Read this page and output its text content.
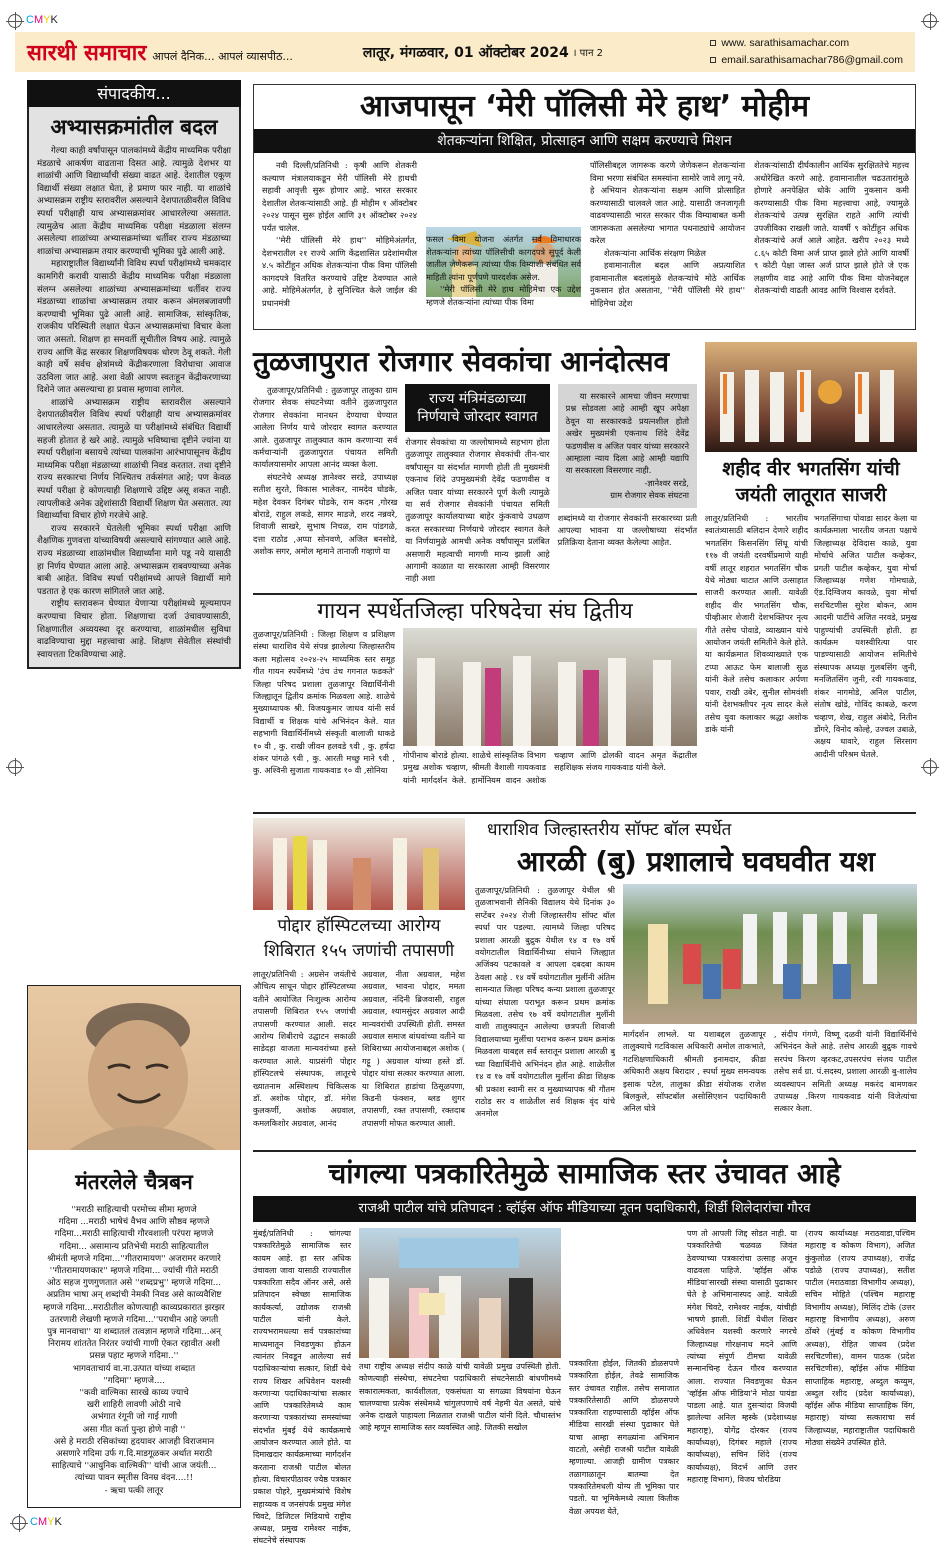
CMYK
CMYK
सारथी समाचार आपलं दैनिक... आपलं व्यासपीठ...	लातूर, मंगळवार, 01 ऑक्टोबर 2024 । पान 2
www. sarathisamachar.com
email.sarathisamachar786@gmail.com
संपादकीय...
अभ्यासक्रमांतील बदल

गेल्या काही वर्षांपासून पालकांमध्ये केंद्रीय माध्यमिक परीक्षा मंडळाचे आकर्षण वाढताना दिसत आहे. त्यामुळे देशभर या शाळांची आणि विद्यार्थ्यांची संख्या वाढत आहे. देशातील एकूण विद्यार्थी संख्या लक्षात घेता, हे प्रमाण फार नाही. या शाळांचे अभ्यासक्रम राष्ट्रीय स्तरावरील असल्याने देशपातळीवरील विविध स्पर्धा परीक्षाही याच अभ्यासक्रमांवर आधारलेल्या असतात. त्यामुळेच आता केंद्रीय माध्यमिक परीक्षा मंडळाला संलग्न असलेल्या शाळांच्या अभ्यासक्रमांच्या धर्तीवर राज्य मंडळाच्या शाळांचा अभ्यासक्रम तयार करण्याची भूमिका पुढे आली आहे.

महाराष्ट्रातील विद्यार्थ्यांनी विविध स्पर्धा परीक्षांमध्ये चमकदार कामगिरी करावी यासाठी केंद्रीय माध्यमिक परीक्षा मंडळाला संलग्न असलेल्या शाळांच्या अभ्यासक्रमांच्या धर्तीवर राज्य मंडळाच्या शाळांचा अभ्यासक्रम तयार करून अंमलबजावणी करण्याची भूमिका पुढे आली आहे. सामाजिक, सांस्कृतिक, राजकीय परिस्थिती लक्षात घेऊन अभ्यासक्रमांचा विचार केला जात असतो. शिक्षण हा समवर्ती सूचीतील विषय आहे. त्यामुळे राज्य आणि केंद्र सरकार शिक्षणविषयक धोरण ठेवू शकते. गेली काही वर्षे सर्वच क्षेत्रांमध्ये केंद्रीकरणाला विरोधाचा आवाज उठविला जात आहे. अशा वेळी आपण स्वतःहून केंद्रीकरणाच्या दिशेने जात असल्याचा हा प्रवास म्हणावा लागेल.

शाळांचे अभ्यासक्रम राष्ट्रीय स्तरावरील असल्याने देशपातळीवरील विविध स्पर्धा परीक्षाही याच अभ्यासक्रमांवर आधारलेल्या असतात. त्यामुळे या परीक्षांमध्ये संबंधित विद्यार्थी सहजी होतात हे खरे आहे. त्यामुळे भविष्याचा दृष्टीने ज्यांना या स्पर्धा परीक्षांना बसायचे त्यांच्या पालकांना आरंभापासूनच केंद्रीय माध्यमिक परीक्षा मंडळाच्या शाळांची निवड करतात. तथा दृष्टीने राज्य सरकारचा निर्णय निश्चितच तर्कसंगत आहे; पण केवळ स्पर्धा परीक्षा हे कोणत्याही शिक्षणाचे उद्दिष्ट असू शकत नाही. त्यापलीकडे अनेक उद्देशांसाठी विद्यार्थी शिक्षण घेत असतात. त्या विद्यार्थ्यांचा विचार होणे गरजेचे आहे.

राज्य सरकारने घेतलेली भूमिका स्पर्धा परीक्षा आणि शैक्षणिक गुणवत्ता यांच्याविषयी असल्याचे सांगण्यात आले आहे. राज्य मंडळाच्या शाळांमधील विद्यार्थ्यांना मागे पडू नये यासाठी हा निर्णय घेण्यात आला आहे. अभ्यासक्रम राबवण्याच्या अनेक बाबी आहेत. विविध स्पर्धा परीक्षांमध्ये आपले विद्यार्थी मागे पडतात हे एक कारण सांगितले जात आहे.

राष्ट्रीय स्तरावरून घेण्यात येणाऱ्या परीक्षांमध्ये मूल्यमापन करण्याचा विचार होता. शिक्षणाचा दर्जा उंचावण्यासाठी, शिक्षणातील अव्ययस्था दूर करण्याचा, शाळांमधील सुविधा वाढविण्याचा मुद्दा महत्त्वाचा आहे. शिक्षण सेवेतील संस्थांची स्वायत्तता टिकविण्याचा आहे.

मंतरलेले चैत्रबन
''मराठी साहित्याची परमोच्च सीमा म्हणजे
गदिमा ...मराठी भाषेचं वैभव आणि सौष्ठव म्हणजे
गदिमा...मराठी साहित्याची गौरवशाली परंपरा म्हणजे
गदिमा... असामान्य प्रतिभेची मराठी साहित्यातील
श्रीमंती म्हणजे गदिमा...''गीतरामायण'' अजरामर करणारे
''गीतरामायणकार'' म्हणजे गदिमा... ज्यांची गीते मराठी
ओठ सहज गुणगुणतात असे ''शब्दप्रभु'' म्हणजे गदिमा...
अप्रतिम भाषा अन् शब्दांची नेमकी निवड असे काव्यवैशिष्ट
म्हणजे गदिमा...मराठीतील कोणत्याही काव्यप्रकारात झरझर
उतरणारी लेखणी म्हणजे गदिमा...''पराधीन आहे जगती
पुत्र मानवाचा'' या शब्दातलं तत्वज्ञान म्हणजे गदिमा...अन्
निरामय शांततेत निरंतर ज्यांची गाणी ऐकत रहावीत अशी
प्रसन्न पहाट म्हणजे गदिमा..''
भागवताचार्य वा.ना.उत्पात यांच्या शब्दात
''गदिमा'' म्हणजे....
''कवी वाल्मिका सारखे काव्य ज्याचे
खरी शाहिरी लावणी ओठी नाचे
अभंगात रंगूनी जो गाई गाणी
असा गीत कर्ता पुन्हा होणे नाही ''
असे हे मराठी रसिकांच्या हृदयावर आजही विराजमान
असणारे गदिमा उर्फ ग.दि.माडगूळकर अर्थात मराठी
साहित्याचे ''आधुनिक वाल्मिकी'' यांची आज जयंती...
त्यांच्या पावन स्मृतीस विनम्र वंदन....!!
- ऋचा पत्की लातूर
आजपासून ‘मेरी पॉलिसी मेरे हाथ’ मोहीम
शेतकऱ्यांना शिक्षित, प्रोत्साहन आणि सक्षम करण्याचे मिशन

नवी दिल्ली/प्रतिनिधी : कृषी आणि शेतकरी कल्याण मंत्रालयाकडून मेरी पॉलिसी मेरे हाथची सहावी आवृत्ती सुरू होणार आहे. भारत सरकार देशातील शेतकऱ्यांसाठी आहे. ही मोहीम १ ऑक्टोबर २०२४ पासून सुरू होईल आणि ३१ ऑक्टोबर २०२४ पर्यंत चालेल.

''मेरी पॉलिसी मेरे हाथ'' मोहिमेअंतर्गत, देशभरातील २१ राज्ये आणि केंद्रशासित प्रदेशांमधील ४.५ कोटींहून अधिक शेतकऱ्यांना पीक विमा पॉलिसी कागदपत्रे वितरित करण्याचे उद्दिष्ट ठेवण्यात आले आहे. मोहिमेअंतर्गत, हे सुनिश्चित केले जाईल की प्रधानमंत्री

फसल विमा योजना अंतर्गत सर्व विमाधारक शेतकऱ्यांना त्यांच्या पॉलिसीची कागदपत्रे सुपूर्द केली जातील जेणेकरून त्यांच्या पीक विम्याशी संबंधित सर्व माहिती त्यांना पूर्णपणे पारदर्शक असेल.

''मेरी पॉलिसी मेरे हाथ मोहिमेचा एक उद्देश म्हणजे शेतकऱ्यांना त्यांच्या पीक विमा

पॉलिसीबद्दल जागरूक करणे जेणेकरून शेतकऱ्यांना विमा भरणा संबंधित समस्यांना सामोरे जावे लागू नये. हे अभियान शेतकऱ्यांना सक्षम आणि प्रोत्साहित करण्यासाठी चालवले जात आहे. यासाठी जनजागृती वाढवण्यासाठी भारत सरकार पीक विम्याबाबत कमी जागरूकता असलेल्या भागात पथनाट्यांचे आयोजन करेल

शेतकऱ्यांना आर्थिक संरक्षण मिळेल

हवामानातील बदल आणि अप्रत्याशित हवामानातील बदलांमुळे शेतकऱ्यांचे मोठे आर्थिक नुकसान होत असताना, ''मेरी पॉलिसी मेरे हाथ'' मोहिमेचा उद्देश

शेतकऱ्यांसाठी दीर्घकालीन आर्थिक सुरक्षिततेचे महत्त्व अधोरेखित करणे आहे. हवामानातील चढउतारांमुळे होणारे अनपेक्षित धोके आणि नुकसान कमी करण्यासाठी पीक विमा महत्त्वाचा आहे, ज्यामुळे शेतकऱ्यांचे उत्पन्न सुरक्षित राहते आणि त्यांची उपजीविका राखली जाते. यावर्षी ९ कोटींहून अधिक शेतकऱ्यांचे अर्ज आले आहेत. खरीप २०२३ मध्ये ८.६५ कोटी विमा अर्ज प्राप्त झाले होते आणि यावर्षी ९ कोटी पेक्षा जास्त अर्ज प्राप्त झाले होते जे एक लक्षणीय वाढ आहे आणि पीक विमा योजनेबद्दल शेतकऱ्यांची वाढती आवड आणि विश्वास दर्शवते.

तुळजापुरात रोजगार सेवकांचा आनंदोत्सव

तुळजापूर/प्रतिनिधी : तुळजापूर तालुका ग्राम रोजगार सेवक संघटनेच्या वतीने तुळजापुरात रोजगार सेवकांना मानधन देण्याचा घेण्यात आलेला निर्णय याचे जोरदार स्वागत करण्यात आले. तुळजापूर तालुक्यात काम करणाऱ्या सर्व कर्मचाऱ्यांनी तुळजापुरात पंचायत समिती कार्यालयासमोर आपला आनंद व्यक्त केला.

संघटनेचे अध्यक्ष ज्ञानेश्वर सरडे, उपाध्यक्ष सतीश सुरते, विकास भालेकर, नामदेव घोडके, महेश देवकर दिगंबर घोडके, राम कदम ,गोरख बोराडे, राहुल लकडे, सागर माडजे, शरद नन्नवरे, शिवाजी साखरे, सुभाष निचळ, राम पांडगळे, दत्ता राठोड ,अप्पा सोनवणे, अजित बनसोडे, अशोक सगर, अमोल म्हमाने तानाजी गव्हाणे या

राज्य मंत्रिमंडळाच्या निर्णयाचे जोरदार स्वागत
रोजगार सेवकांचा या जल्लोषामध्ये सहभाग होता तुळजापूर तालुक्यात रोजगार सेवकांची तीन-चार वर्षांपासून या संदर्भात मागणी होती ती मुख्यमंत्री एकनाथ शिंदे उपमुख्यमंत्री देवेंद्र फडणवीस व अजित पवार यांच्या सरकारने पूर्ण केली त्यामुळे या सर्व रोजगार सेवकांनी पंचायत समिती तुळजापूर कार्यालयाच्या बाहेर कुंकवाचे उधळण करत सरकारच्या निर्णयाचे जोरदार स्वागत केले या निर्णयामुळे आमची अनेक वर्षांपासून प्रलंबित असणारी महत्वाची मागणी मान्य झाली आहे आगामी काळात या सरकारला आम्ही विसरणार नाही अशा

या सरकारने आमचा जीवन मरणाचा प्रश्न सोडवला आहे आम्ही खूप अपेक्षा ठेवून या सरकारकडे प्रयत्नशील होतो अखेर मुख्यमंत्री एकनाथ शिंदे देवेंद्र फडणवीस व अजित पवार यांच्या सरकारने आम्हाला न्याय दिला आहे आम्ही यद्यापि या सरकारला विसरणार नाही.

-ज्ञानेश्वर सरडे,
ग्राम रोजगार सेवक संघटना
शब्दांमध्ये या रोजगार सेवकांनी सरकारच्या प्रती आपल्या भावना या जल्लोषाच्या संदर्भात प्रतिक्रिया देताना व्यक्त केलेल्या आहेत.
शहीद वीर भगतसिंग यांची जयंती लातूरात साजरी
लातूर/प्रतिनिधी : भारतीय स्वातंत्र्यासाठी बलिदान देणारे शहीद भगतसिंग किसनसिंग सिंधू यांची ११७ वी जयंती दरवर्षीप्रमाणे याही वर्षी लातूर शहरात भगतसिंग चौक येथे मोठ्या थाटात आणि उत्साहात साजरी करण्यात आली. यावेळी शहीद वीर भगतसिंग चौक, पीव्हीआर शेजारी देशभक्तिपर नृत्य गीते तसेच पोवाडे, व्याख्यान यांचे आयोजन जयंती समितीने केले होते. या कार्यक्रमात शिवव्याख्याते एक टप्पा आऊट फेम बालाजी सुळ यांनी केले तसेच कलाकार अर्पणा पवार, राखी उबेर, सुनील सोमवंशी यांनी देशभक्तीपर नृत्य सादर केले तसेच युवा कलाकार श्रद्धा अशोक डाके यांनी
भगतसिंगाचा पोवाडा सादर केला या कार्यक्रमाला भारतीय जनता पक्षाचे जिल्हाध्यक्ष देविदास काळे, युवा मोर्चाचे अजित पाटील कव्हेकर, प्रगती पाटील कव्हेकर, युवा मोर्चा जिल्हाध्यक्ष गणेश गोमचाळे, ऍड.दिग्विजय कावळे, युवा मोर्चा सरचिटणीस सुरेश बोकन, आम आदमी पार्टीचे अजित नरवडे, प्रमुख पाहुण्यांची उपस्थिती होती. हा कार्यक्रम यशस्वीरित्या पार पाडण्यासाठी आयोजन समितीचे संस्थापक अध्यक्ष गुलबसिंग जुनी, मनजितसिंग जुनी, रवी गायकवाड, शंकर नागमोडे, अनिल पाटील, संतोष खोडे, गोविंद काबळे, करण चव्हाण, शेख, राहुल अंबोदे, नितीन डोंगरे, विनोद कोल्हे, उज्वल उबाळे, अक्षय धावारे, राहुल सिरसाग आदीनी परिश्रम घेतले.
गायन स्पर्धेतजिल्हा परिषदेचा संघ द्वितीय
तुळजापूर/प्रतिनिधी : जिल्हा शिक्षण व प्रशिक्षण संस्था धाराशिव येथे संपन्न झालेल्या जिल्हास्तरीय कला महोत्सव २०२४-२५ माध्यमिक स्तर समूह गीत गायन स्पर्धेमध्ये 'उंच उंच गगनात फडकते' जिल्हा परिषद प्रशाला तुळजापूर विद्यार्थिनीनी जिल्ह्यातून द्वितीय क्रमांक मिळवला आहे. शाळेचे मुख्याध्यापक श्री. विजयकुमार जाधव यांनी सर्व विद्यार्थी व शिक्षक यांचे अभिनंदन केले. यात सहभागी विद्यार्थिनींमध्ये संस्कृती बालाजी धाकडे १० वी , कु. राखी जीवन हलवडे ९वी , कु. हर्षदा शंकर पांगळे ९वी , कु. आरती मच्छु माने ९वी , कु. अश्विनी सुजाता गायकवाड १० वी ,सोनिया
गोपीनाथ बोराडे होत्या. शाळेचे सांस्कृतिक विभाग प्रमुख अशोक चव्हाण, श्रीमती वैशाली गायकवाड यांनी मार्गदर्शन केले. हार्मोनियम वादन अशोक चव्हाण आणि ढोलकी वादन अमृत केंद्रातील सहशिक्षक संजय गायकवाड यांनी केले.
पोद्दार हॉस्पिटलच्या आरोग्य शिबिरात १५५ जणांची तपासणी
लातूर/प्रतिनिधी : अग्रसेन जयंतीचे औचित्य साधून पोद्दार हॉस्पिटलच्या वतीने आयोजित निःशुल्क आरोग्य तपासणी शिबिरात १५५ जणांची तपासणी करण्यात आली. सदर आरोग्य शिबीराचे उद्घाटन सकाळी साडेदहा वाजता मान्यवरांच्या हस्ते करण्यात आले. याप्रसंगी पोद्दार हॉस्पिटलचे संस्थापक, लातूरचे ख्यातनाम अस्थिशल्य चिकित्सक डॉ. अशोक पोद्दार, डॉ. मंगेश कुलकर्णी, अशोक अग्रवाल, कमलकिशोर अग्रवाल, आनंद
अग्रवाल, नीता अग्रवाल, महेश अग्रवाल, भावना पोद्दार, ममता अग्रवाल, नंदिनी ब्रिजवासी, राहुल अग्रवाल, श्यामसुंदर अग्रवाल आदी मान्यवरांची उपस्थिती होती. समस्त अग्रवाल समाज बांधवांच्या वतीने या शिबिराच्या आयोजनाबद्दल अशोक ( गट्टू ) अग्रवाल यांच्या हस्ते डॉ. पोद्दार यांचा सत्कार करण्यात आला. या शिबिरात हाडांचा ठिसूळपणा, किडनी फंक्शन, ब्लड शुगर तपासणी, रक्त तपासणी, रक्तदाब तपासणी मोफत करण्यात आली.
धाराशिव जिल्हास्तरीय सॉफ्ट बॉल स्पर्धेत
आरळी (बु) प्रशालाचे घवघवीत यश
तुळजापूर/प्रतिनिधी : तुळजापूर येथील श्री तुळजाभवानी सैनिकी विद्यालय येथे दिनांक ३० सप्टेंबर २०२४ रोजी जिल्हास्तरीय सॉफ्ट बॉल स्पर्धा पार पडल्या. त्यामध्ये जिल्हा परिषद प्रशाला आरळी बुद्रुक येथील १४ व १७ वर्षे वयोगटातील विद्यार्थिनीच्या संघाने जिल्ह्यात अजिंक्य पटकावले व आपला दबदबा कायम ठेवला आहे . १४ वर्षे वयोगटातील मुलींनी अंतिम सामन्यात जिल्हा परिषद कन्या प्रशाला तुळजापूर यांच्या संघाला पराभूत करून प्रथम क्रमांक मिळवला. तसेच १७ वर्षे वयोगटातील मुलींनी वाशी तालुक्यातून आलेल्या छत्रपती शिवाजी विद्यालयाच्या मुलींचा पराभव करून प्रथम क्रमांक मिळवला याबद्दल सर्व स्तरातून प्रशाला आरळी बु च्या विद्यार्थिनींचे अभिनंदन होत आहे. शाळेतील १४ व १७ वर्षे वयोगटातील मुलींना क्रीडा शिक्षक श्री प्रकाश स्वामी सर व मुख्याध्यापक श्री गौतम राठोड सर व शाळेतील सर्व शिक्षक वृंद यांचे अनमोल
मार्गदर्शन लाभले. या यशाबद्दल तुळजापूर तालुक्याचे गटविकास अधिकारी अमोल ताकभाते, गटशिक्षणाधिकारी श्रीमती इनामदार, क्रीडा अधिकारी अक्षय बिरादार , स्पर्धा मुख्य समन्वयक इसाक पटेल, तालुका क्रीडा संयोजक राजेश बिलकुले, सॉफ्टबॉल असोसिएशन पदाधिकारी अनिल धोत्रे
, संदीप गंगणे, विष्णू दळवी यांनी विद्यार्थिनींचे अभिनंदन केले आहे. तसेच आरळी बुद्रुक गावचे सरपंच किरण व्हरकट,उपसरपंच संजय पाटील तसेच सर्व ग्रा. पं.सदस्य, प्रशाला आरळी बु-शालेय व्यवस्थापन समिती अध्यक्ष मकरंद बामणकर उपाध्यक्ष .किरण गायकवाड यांनी विजेत्यांचा सत्कार केला.
चांगल्या पत्रकारितेमुळे सामाजिक स्तर उंचावत आहे
राजश्री पाटील यांचे प्रतिपादन : व्हॉईस ऑफ मीडियाच्या नूतन पदाधिकारी, शिर्डी शिलेदारांचा गौरव
मुंबई/प्रतिनिधी : चांगल्या पत्रकारितेमुळे सामाजिक स्तर कायम आहे. हा स्तर अधिक उंचावला जावा यासाठी राज्यातील पत्रकारिता सदैव ऑनर असे, असे प्रतिपादन स्वेच्छा सामाजिक कार्यकर्त्या, उद्योजक राजश्री पाटील यांनी केले. राज्यभरामधल्या सर्व पत्रकारांच्या माध्यमातून निवडणुका होऊन त्यानंतर निवडून आलेल्या सर्व पदाधिकाऱ्यांचा सत्कार, शिर्डी येथे राज्य शिखर अधिवेशन यशस्वी करणाऱ्या पदाधिकाऱ्यांचा सत्कार आणि पत्रकारितेमध्ये काम करणाऱ्या पत्रकारांच्या समस्यांच्या संदर्भात मुंबई येथे कार्यक्रमाचे आयोजन करण्यात आले होते. या दिमाखदार कार्यक्रमाच्या मार्गदर्शन करताना राजश्री पाटील बोलत होत्या. विचारपीठावर ज्येष्ठ पत्रकार प्रकाश पोहरे, मुख्यमंत्र्यांचे विशेष सहाय्यक व जनसंपर्क प्रमुख मंगेश चिवटे, डिजिटल मिडियाचे राष्ट्रीय अध्यक्ष, प्रमुख रामेश्वर नाईक, संघटनेचे संस्थापक
तथा राष्ट्रीय अध्यक्ष संदीप काळे यांची यावेळी प्रमुख उपस्थिती होती. कोणत्याही संस्थेचा, संघटनेचा पदाधिकारी संघटनेसाठी बांधणीमध्ये सकारात्मकता, कार्यशीलता, एकसंघता या सगळ्या विषयांना घेऊन चालण्याचा प्रत्येक संस्थेमध्ये चांगुलपणाचे वर्ष नेहमी येत असते, यांचे अनेक दाखले पाहायला मिळतात राजश्री पाटील यांनी दिले. चौथास्तंभ आहे म्हणून सामाजिक स्तर व्यवस्थित आहे. जितकी सखोल
पत्रकारिता होईल, जितकी डोळसपणे पत्रकारिता होईल, तेवढे सामाजिक स्तर उंचावत राहील. तसेच समाजात पत्रकारितेसाठी आणि डोळसपणे पत्रकारिता राहण्यासाठी व्हॉईस ऑफ मीडिया सारखी संस्था पुढाकार घेते याचा आम्हा सगळ्यांना अभिमान वाटतो, असेही राजश्री पाटील यावेळी म्हणाल्या. आजही ग्रामीण पत्रकार तळागाळातून बातम्या देत पत्रकारितेमधली योग्य ती भूमिका पार पडतो. या भूमिकेमध्ये त्याला कितीक वेळा अपयश येते,
पण तो आपली जिद्द सोडत नाही. या पत्रकारितेची चळवळ जिवंत ठेवण्याच्या पत्रकारांचा उत्साह अजून वाढवला पाहिजे. 'व्हॉईस ऑफ मीडिया'सारखी संस्था यासाठी पुढाकार घेते हे अभिमानास्पद आहे. यावेळी मंगेश चिवटे, रामेश्वर नाईक, यांचीही भाषणे झाली. शिर्डी येथील शिखर अधिवेशन यशस्वी करणारे नगरचे जिल्हाध्यक्ष गोरक्षनाथ मदने आणि त्यांच्या संपूर्ण टीमचा यावेळी सन्मानचिन्ह देऊन गौरव करण्यात आला. राज्यात निवडणुका घेऊन 'व्हॉईस ऑफ मीडिया'ने मोठा पायंडा पाडला आहे. यात दुसऱ्यांदा विजयी झालेल्या अनिल म्हस्के (प्रदेशाध्यक्ष महाराष्ट्र), योगेंद्र दोरकर (राज्य कार्याध्यक्ष), दिगंबर महाले (राज्य कार्याध्यक्ष), सचिन शिंदे (राज्य कार्याध्यक्ष), विदर्भ आणि उत्तर महाराष्ट्र विभाग), विजय चोरडिया
(राज्य कार्याध्यक्ष मराठवाडा,पश्चिम महाराष्ट्र व कोकण विभाग), अजित कुंकुलोळ (राज्य उपाध्यक्ष), राजेंद्र पडोळे (राज्य उपाध्यक्ष), सतीश पाटील (मराठवाडा विभागीय अध्यक्ष), सचिन मोहिते (पश्चिम महाराष्ट्र विभागीय अध्यक्ष), मिलिंद टोके (उत्तर महाराष्ट्र विभागीय अध्यक्ष), अरुण ठोंबरे (मुंबई व कोकण विभागीय अध्यक्ष), रोहित जाधव (प्रदेश सरचिटणीस), वामन पाठक (प्रदेश सरचिटणीस), व्हॉईस ऑफ मीडिया साप्ताहिक महाराष्ट्र, अब्दुल कय्युम, अब्दुल रशीद (प्रदेश कार्याध्यक्ष), व्हॉईस ऑफ मीडिया साप्ताहिक विंग, महाराष्ट्र) यांच्या सत्काराचा सर्व जिल्हाध्यक्ष, महाराष्ट्रातील पदाधिकारी मोठ्या संख्येने उपस्थित होते.
